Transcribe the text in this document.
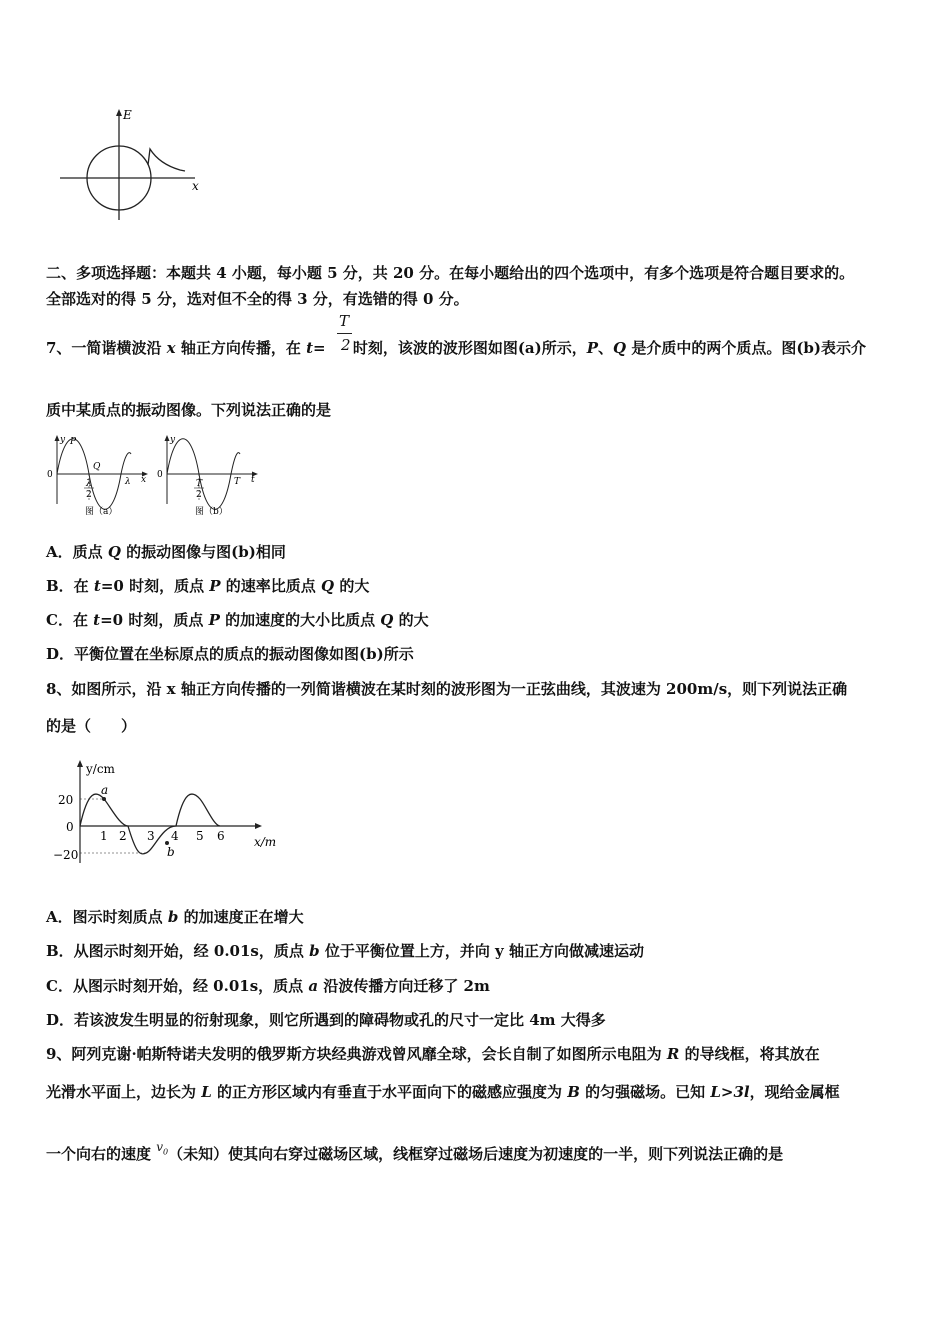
E
x
二、多项选择题：本题共 4 小题，每小题 5 分，共 20 分。在每小题给出的四个选项中，有多个选项是符合题目要求的。
全部选对的得 5 分，选对但不全的得 3 分，有选错的得 0 分。
7、一简谐横波沿 x 轴正方向传播，在 t= 时刻，该波的波形图如图(a)所示，P、Q 是介质中的两个质点。图(b)表示介
T
2
质中某质点的振动图像。下列说法正确的是
y P
0
Q
λ
2
λ x
图（a）
y
0
T
2
T t
图（b）
A．质点 Q 的振动图像与图(b)相同
B．在 t=0 时刻，质点 P 的速率比质点 Q 的大
C．在 t=0 时刻，质点 P 的加速度的大小比质点 Q 的大
D．平衡位置在坐标原点的质点的振动图像如图(b)所示
8、如图所示，沿 x 轴正方向传播的一列简谐横波在某时刻的波形图为一正弦曲线，其波速为 200m/s，则下列说法正确
的是（　　）
20
0
−20
1 2 3 4 5 6
y/cm
x/m
a
b
A．图示时刻质点 b 的加速度正在增大
B．从图示时刻开始，经 0.01s，质点 b 位于平衡位置上方，并向 y 轴正方向做减速运动
C．从图示时刻开始，经 0.01s，质点 a 沿波传播方向迁移了 2m
D．若该波发生明显的衍射现象，则它所遇到的障碍物或孔的尺寸一定比 4m 大得多
9、阿列克谢·帕斯特诺夫发明的俄罗斯方块经典游戏曾风靡全球，会长自制了如图所示电阻为 R 的导线框，将其放在
光滑水平面上，边长为 L 的正方形区域内有垂直于水平面向下的磁感应强度为 B 的匀强磁场。已知 L>3l，现给金属框
一个向右的速度 $^{v_0}$（未知）使其向右穿过磁场区域，线框穿过磁场后速度为初速度的一半，则下列说法正确的是
